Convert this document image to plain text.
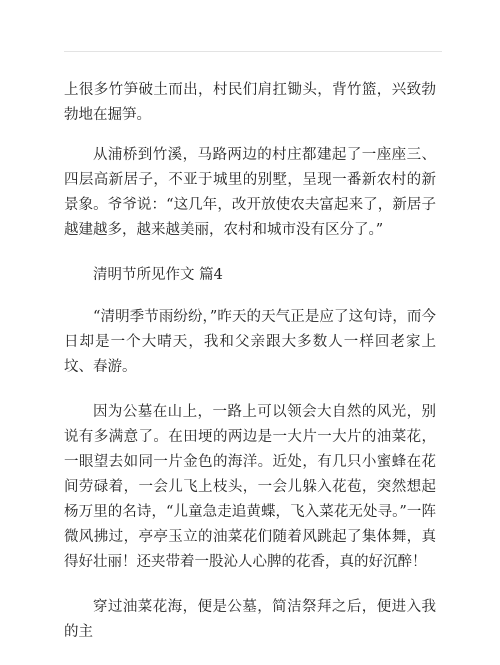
上很多竹笋破土而出，村民们肩扛锄头，背竹篮，兴致勃勃地在掘笋。

从浦桥到竹溪，马路两边的村庄都建起了一座座三、四层高新居子，不亚于城里的别墅，呈现一番新农村的新景象。爷爷说：“这几年，改开放使农夫富起来了，新居子越建越多，越来越美丽，农村和城市没有区分了。”

清明节所见作文 篇4

“清明季节雨纷纷，”昨天的天气正是应了这句诗，而今日却是一个大晴天，我和父亲跟大多数人一样回老家上坟、春游。

因为公墓在山上，一路上可以领会大自然的风光，别说有多满意了。在田埂的两边是一大片一大片的油菜花，一眼望去如同一片金色的海洋。近处，有几只小蜜蜂在花间劳碌着，一会儿飞上枝头，一会儿躲入花苞，突然想起杨万里的名诗，“儿童急走追黄蝶，飞入菜花无处寻。”一阵微风拂过，亭亭玉立的油菜花们随着风跳起了集体舞，真得好壮丽！还夹带着一股沁人心脾的花香，真的好沉醉！

穿过油菜花海，便是公墓，简洁祭拜之后，便进入我的主
